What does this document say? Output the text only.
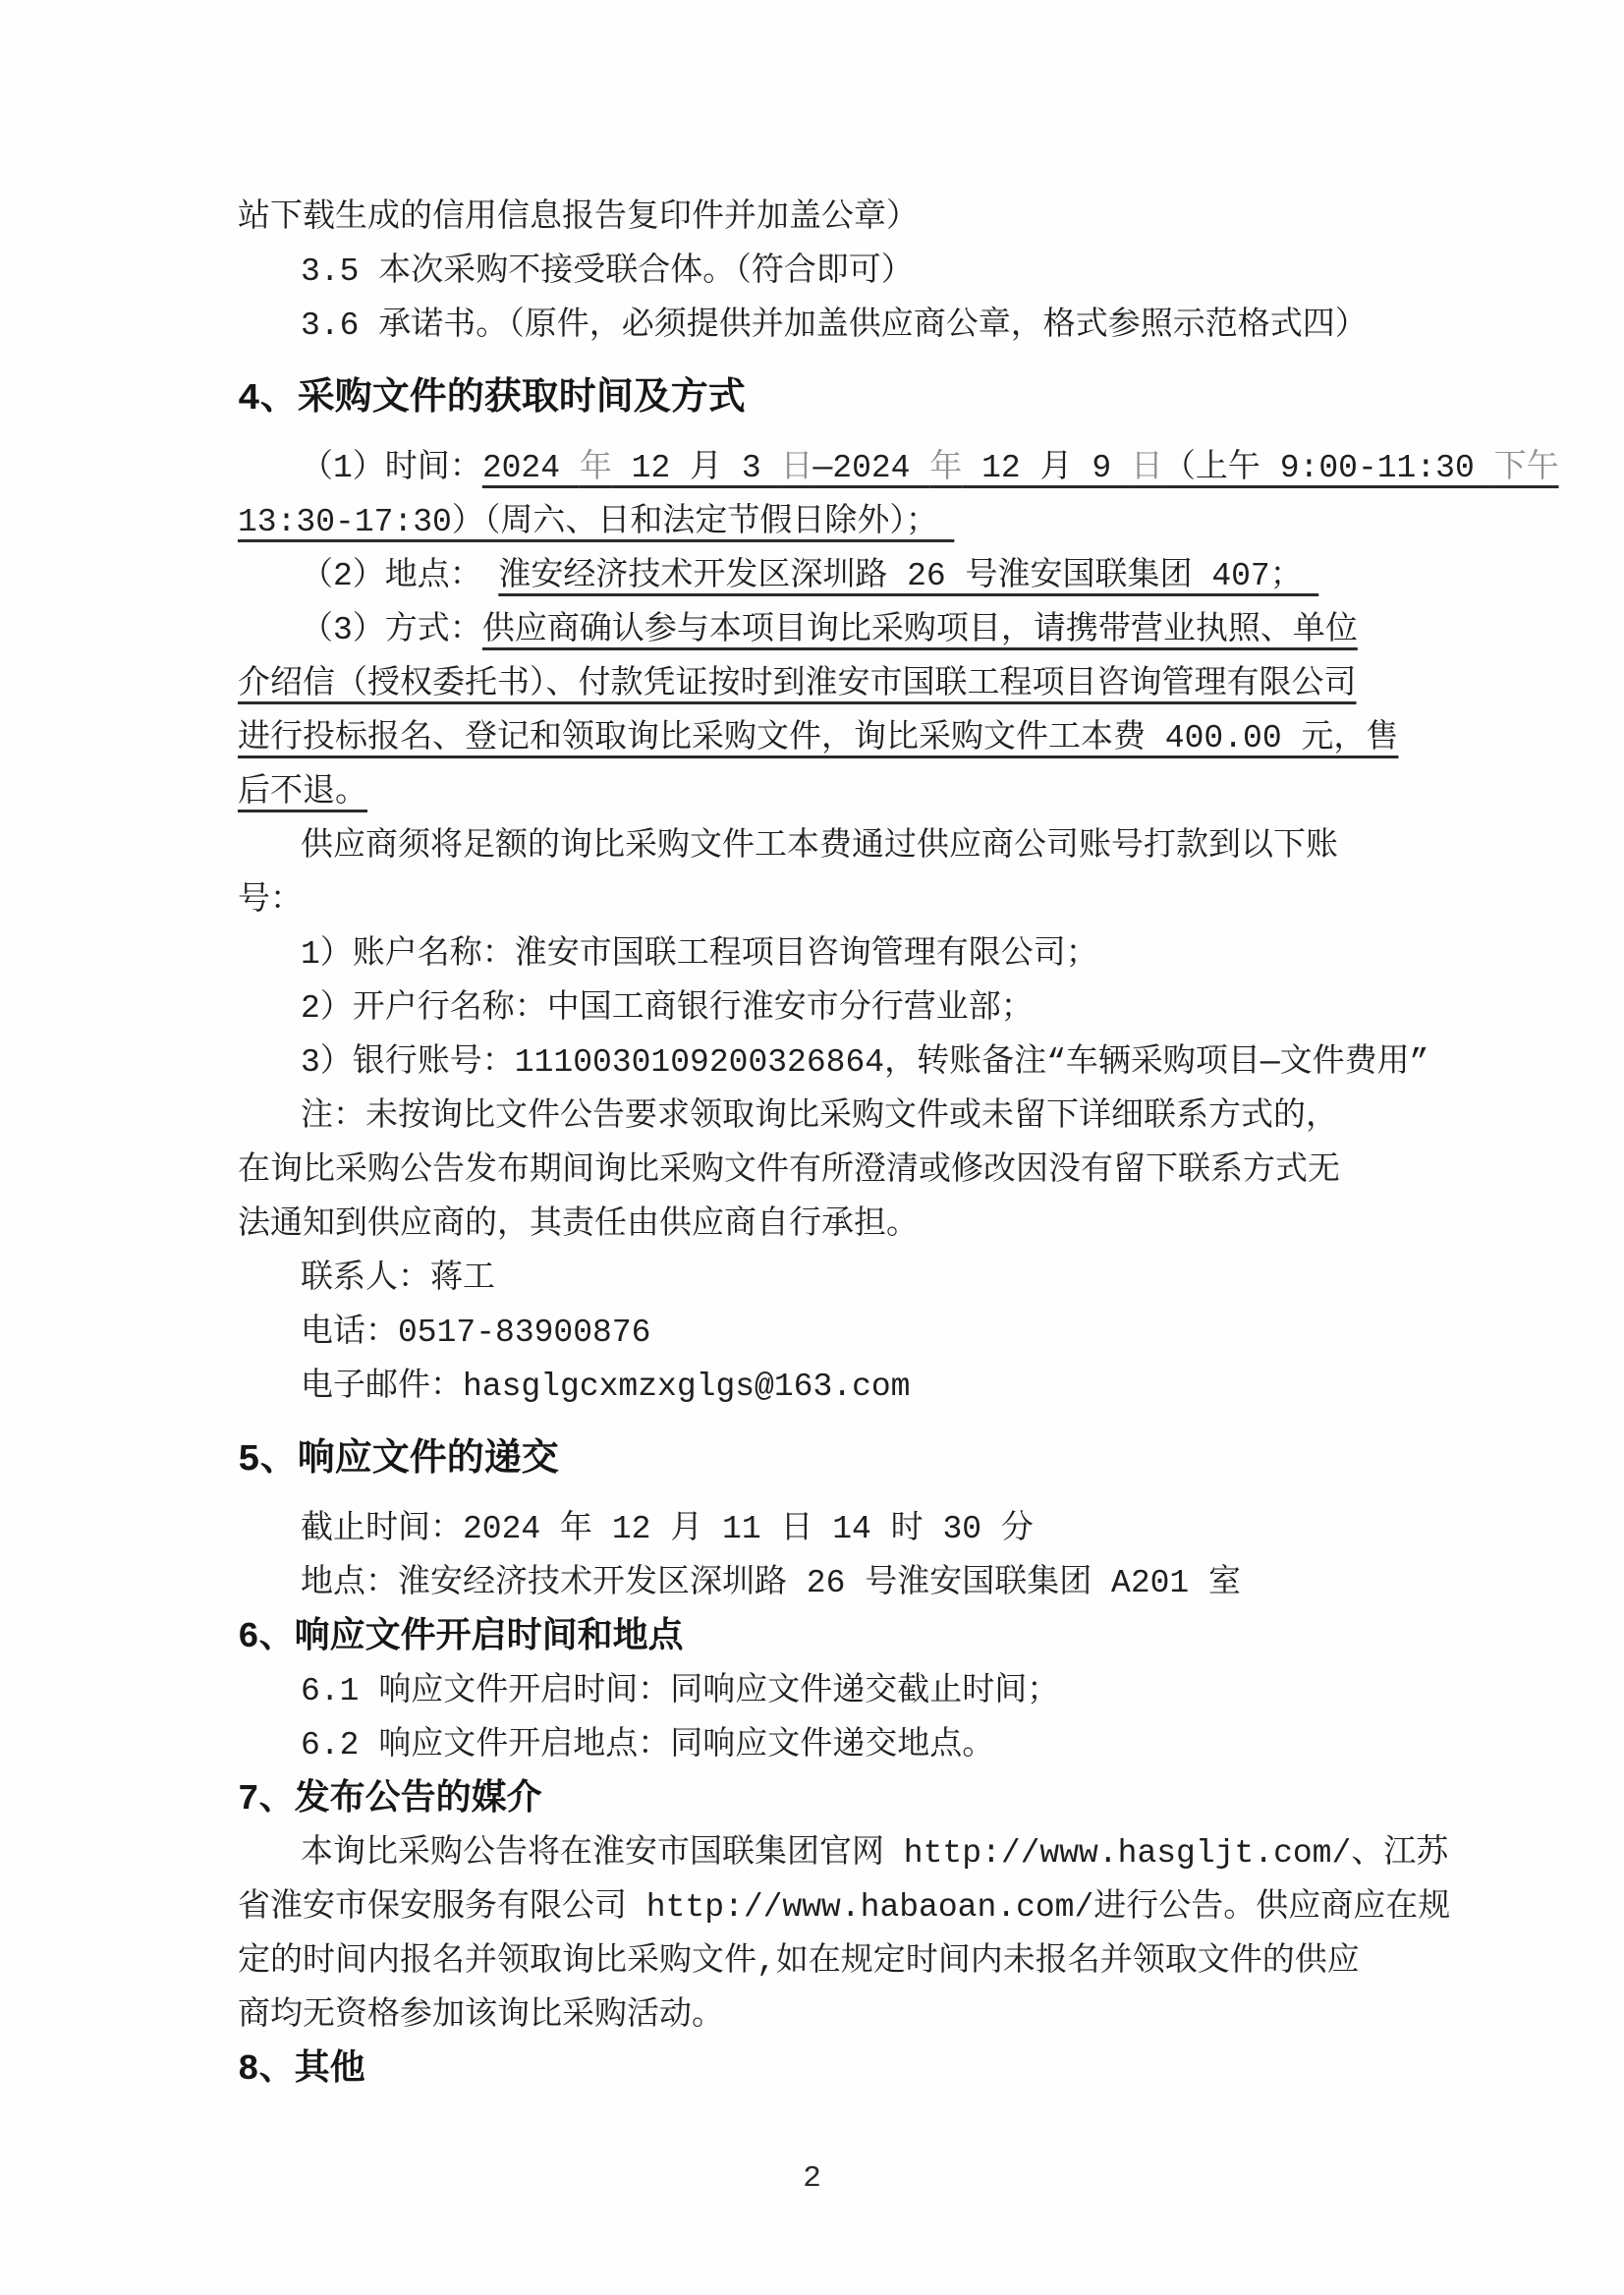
站下载生成的信用信息报告复印件并加盖公章）
3.5 本次采购不接受联合体。（符合即可）
3.6 承诺书。（原件，必须提供并加盖供应商公章，格式参照示范格式四）
4、采购文件的获取时间及方式
（1）时间：2024 年 12 月 3 日—2024 年 12 月 9 日（上午 9:00-11:30 下午
13:30-17:30）（周六、日和法定节假日除外）；　
（2）地点：　淮安经济技术开发区深圳路 26 号淮安国联集团 407；　
（3）方式：供应商确认参与本项目询比采购项目，请携带营业执照、单位
介绍信（授权委托书）、付款凭证按时到淮安市国联工程项目咨询管理有限公司
进行投标报名、登记和领取询比采购文件，询比采购文件工本费 400.00 元，售
后不退。
供应商须将足额的询比采购文件工本费通过供应商公司账号打款到以下账
号：
1）账户名称：淮安市国联工程项目咨询管理有限公司；
2）开户行名称：中国工商银行淮安市分行营业部；
3）银行账号：1110030109200326864，转账备注“车辆采购项目—文件费用”
注：未按询比文件公告要求领取询比采购文件或未留下详细联系方式的，
在询比采购公告发布期间询比采购文件有所澄清或修改因没有留下联系方式无
法通知到供应商的，其责任由供应商自行承担。
联系人：蒋工
电话：0517-83900876
电子邮件：hasglgcxmzxglgs@163.com
5、响应文件的递交
截止时间：2024 年 12 月 11 日 14 时 30 分
地点：淮安经济技术开发区深圳路 26 号淮安国联集团 A201 室
6、响应文件开启时间和地点
6.1 响应文件开启时间：同响应文件递交截止时间；
6.2 响应文件开启地点：同响应文件递交地点。
7、发布公告的媒介
本询比采购公告将在淮安市国联集团官网 http://www.hasgljt.com/、江苏
省淮安市保安服务有限公司 http://www.habaoan.com/进行公告。供应商应在规
定的时间内报名并领取询比采购文件,如在规定时间内未报名并领取文件的供应
商均无资格参加该询比采购活动。
8、其他
2
